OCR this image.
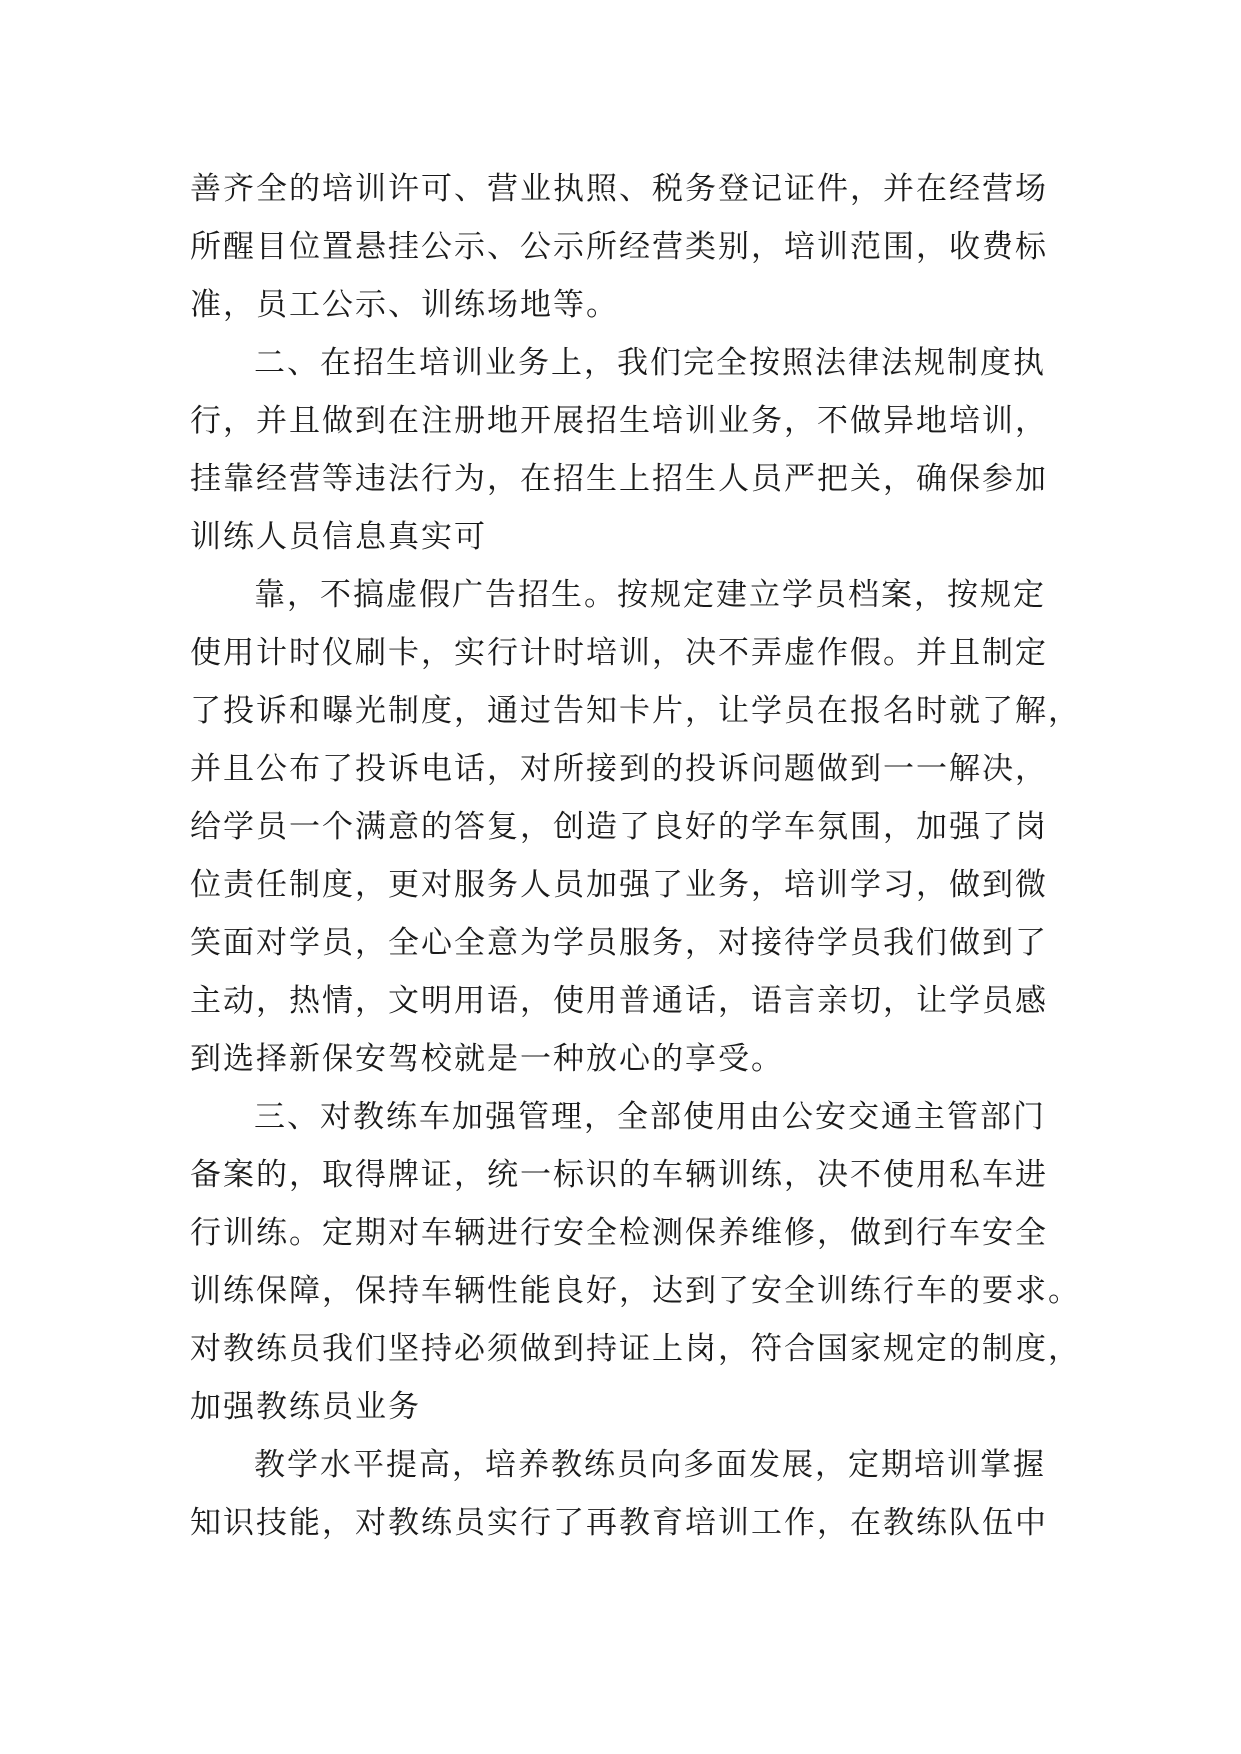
善齐全的培训许可、营业执照、税务登记证件，并在经营场
所醒目位置悬挂公示、公示所经营类别，培训范围，收费标
准，员工公示、训练场地等。
二、在招生培训业务上，我们完全按照法律法规制度执
行，并且做到在注册地开展招生培训业务，不做异地培训，
挂靠经营等违法行为，在招生上招生人员严把关，确保参加
训练人员信息真实可
靠，不搞虚假广告招生。按规定建立学员档案，按规定
使用计时仪刷卡，实行计时培训，决不弄虚作假。并且制定
了投诉和曝光制度，通过告知卡片，让学员在报名时就了解，
并且公布了投诉电话，对所接到的投诉问题做到一一解决，
给学员一个满意的答复，创造了良好的学车氛围，加强了岗
位责任制度，更对服务人员加强了业务，培训学习，做到微
笑面对学员，全心全意为学员服务，对接待学员我们做到了
主动，热情，文明用语，使用普通话，语言亲切，让学员感
到选择新保安驾校就是一种放心的享受。
三、对教练车加强管理，全部使用由公安交通主管部门
备案的，取得牌证，统一标识的车辆训练，决不使用私车进
行训练。定期对车辆进行安全检测保养维修，做到行车安全
训练保障，保持车辆性能良好，达到了安全训练行车的要求。
对教练员我们坚持必须做到持证上岗，符合国家规定的制度，
加强教练员业务
教学水平提高，培养教练员向多面发展，定期培训掌握
知识技能，对教练员实行了再教育培训工作，在教练队伍中
